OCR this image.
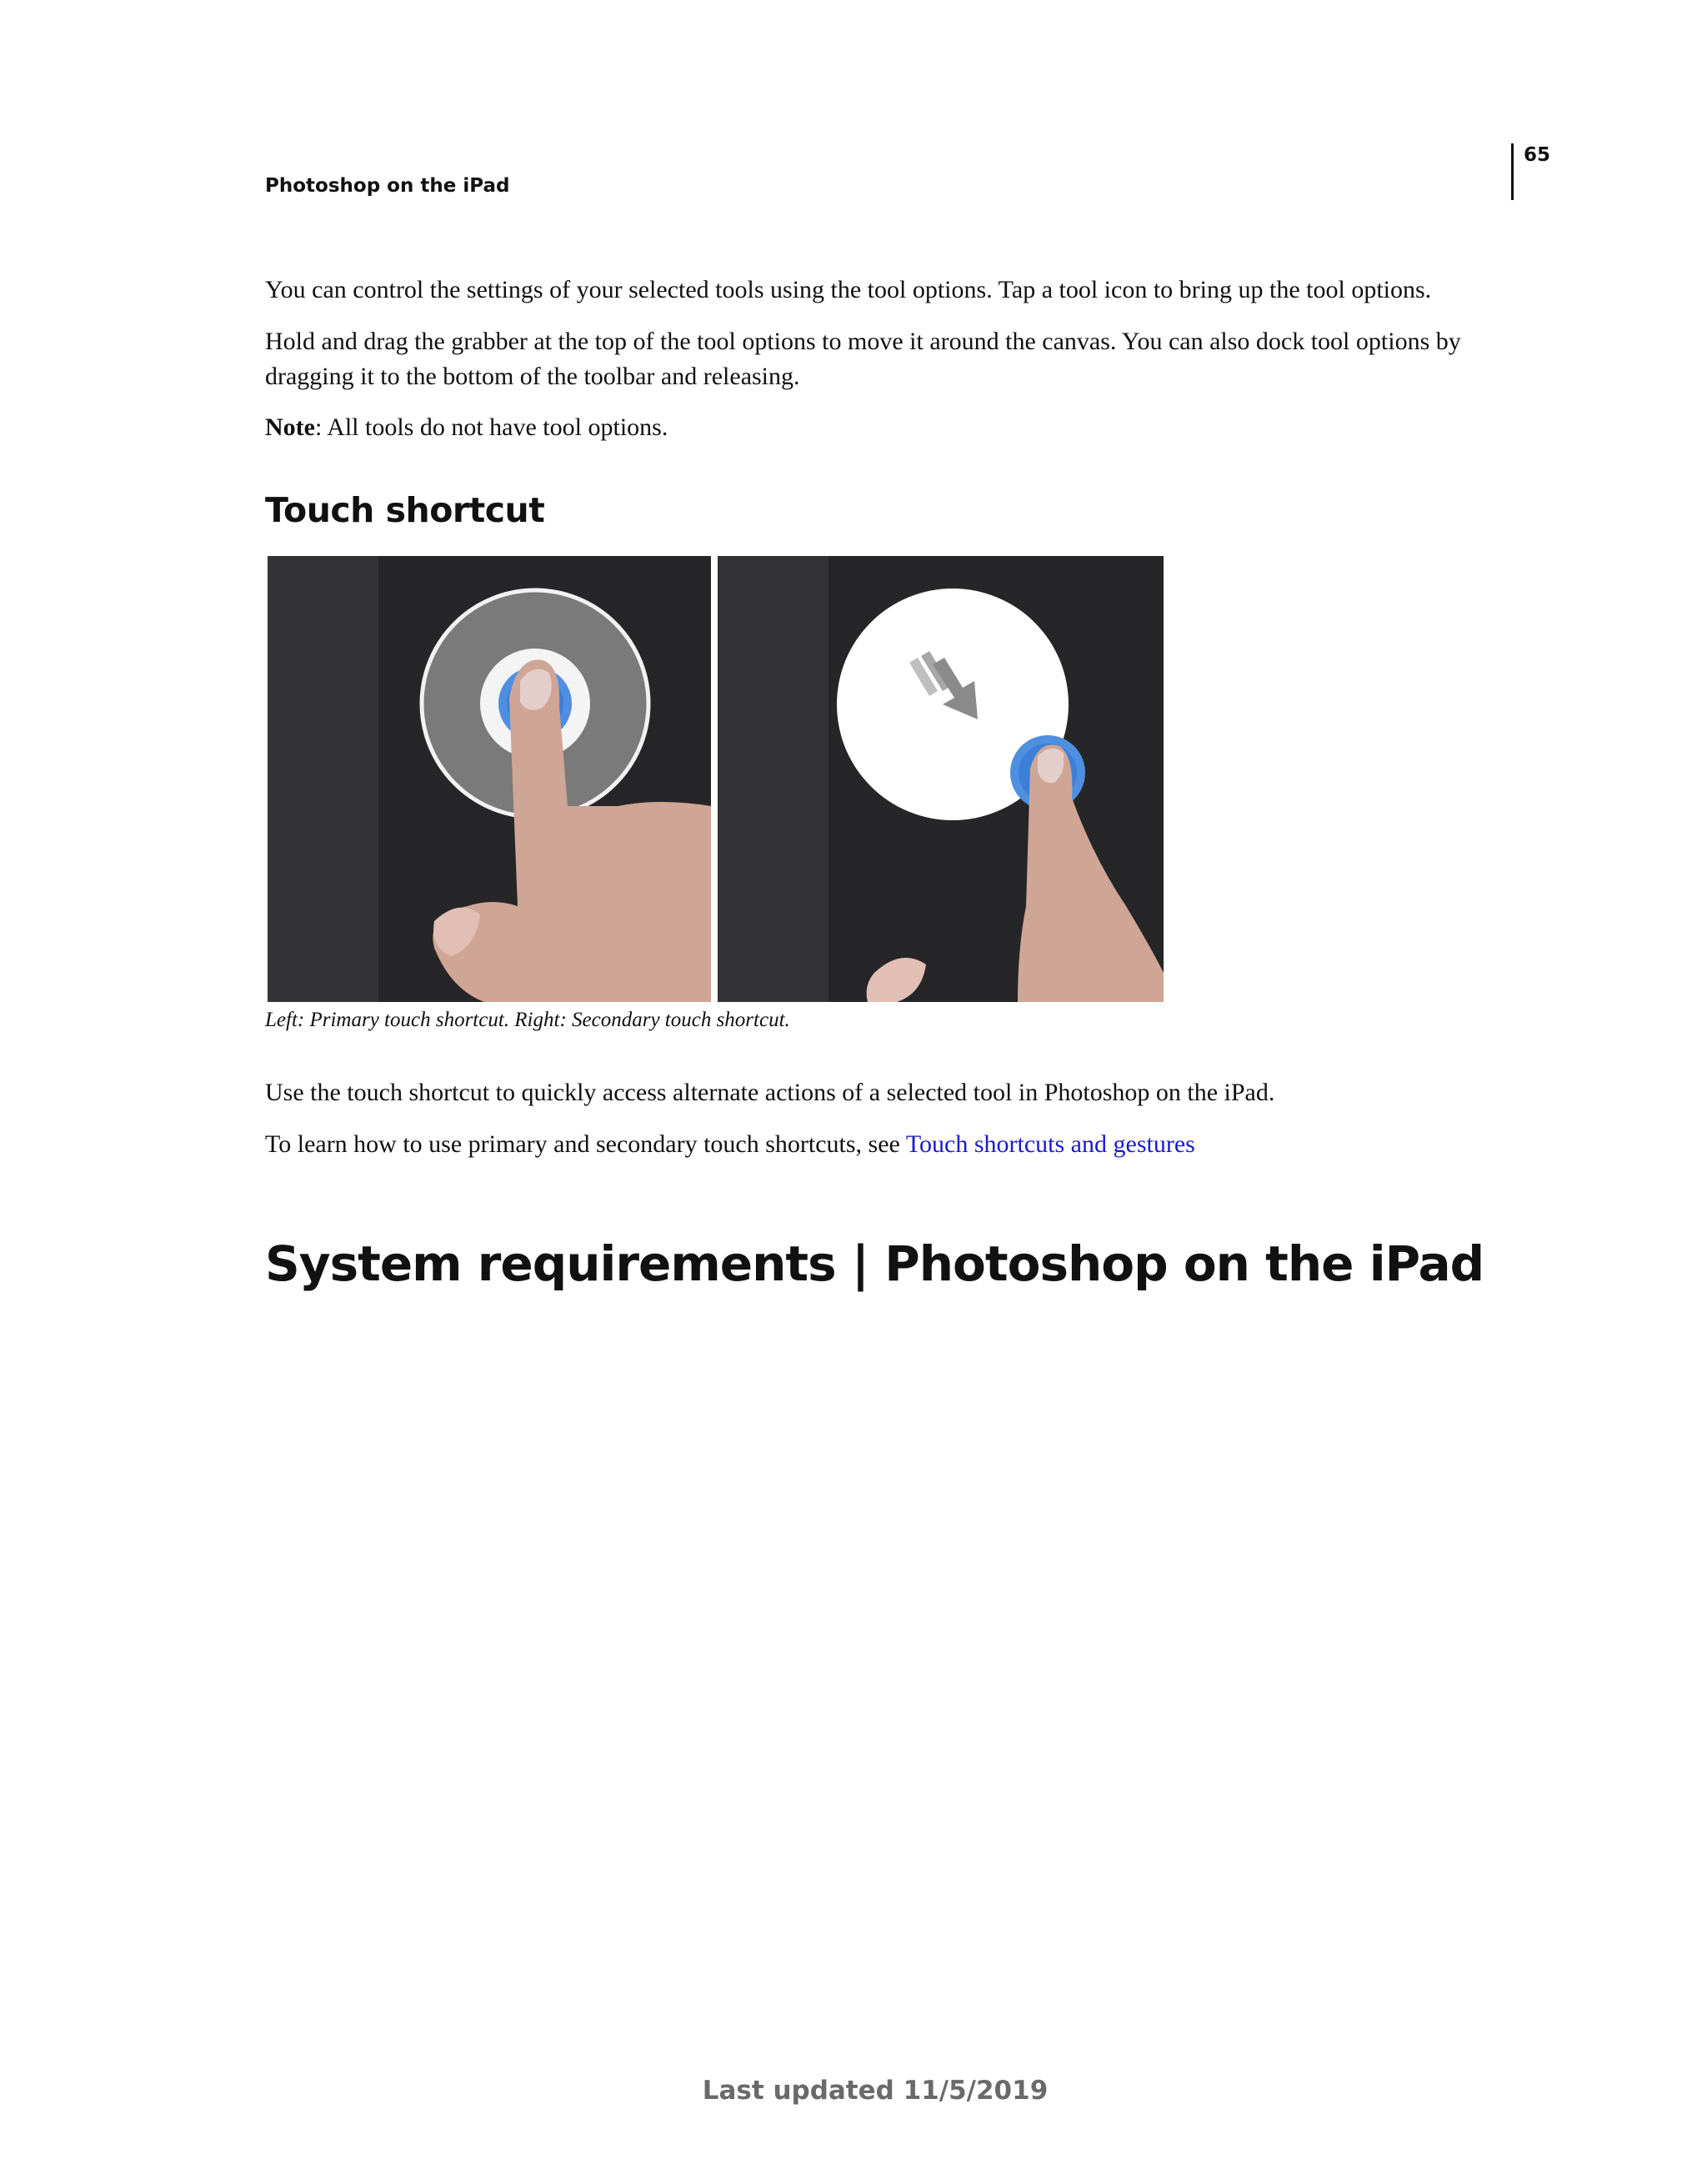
Photoshop on the iPad
65

You can control the settings of your selected tools using the tool options. Tap a tool icon to bring up the tool options.

Hold and drag the grabber at the top of the tool options to move it around the canvas. You can also dock tool options by dragging it to the bottom of the toolbar and releasing.

Note: All tools do not have tool options.

Touch shortcut
Left: Primary touch shortcut. Right: Secondary touch shortcut.

Use the touch shortcut to quickly access alternate actions of a selected tool in Photoshop on the iPad.

To learn how to use primary and secondary touch shortcuts, see Touch shortcuts and gestures

System requirements | Photoshop on the iPad
Last updated 11/5/2019
